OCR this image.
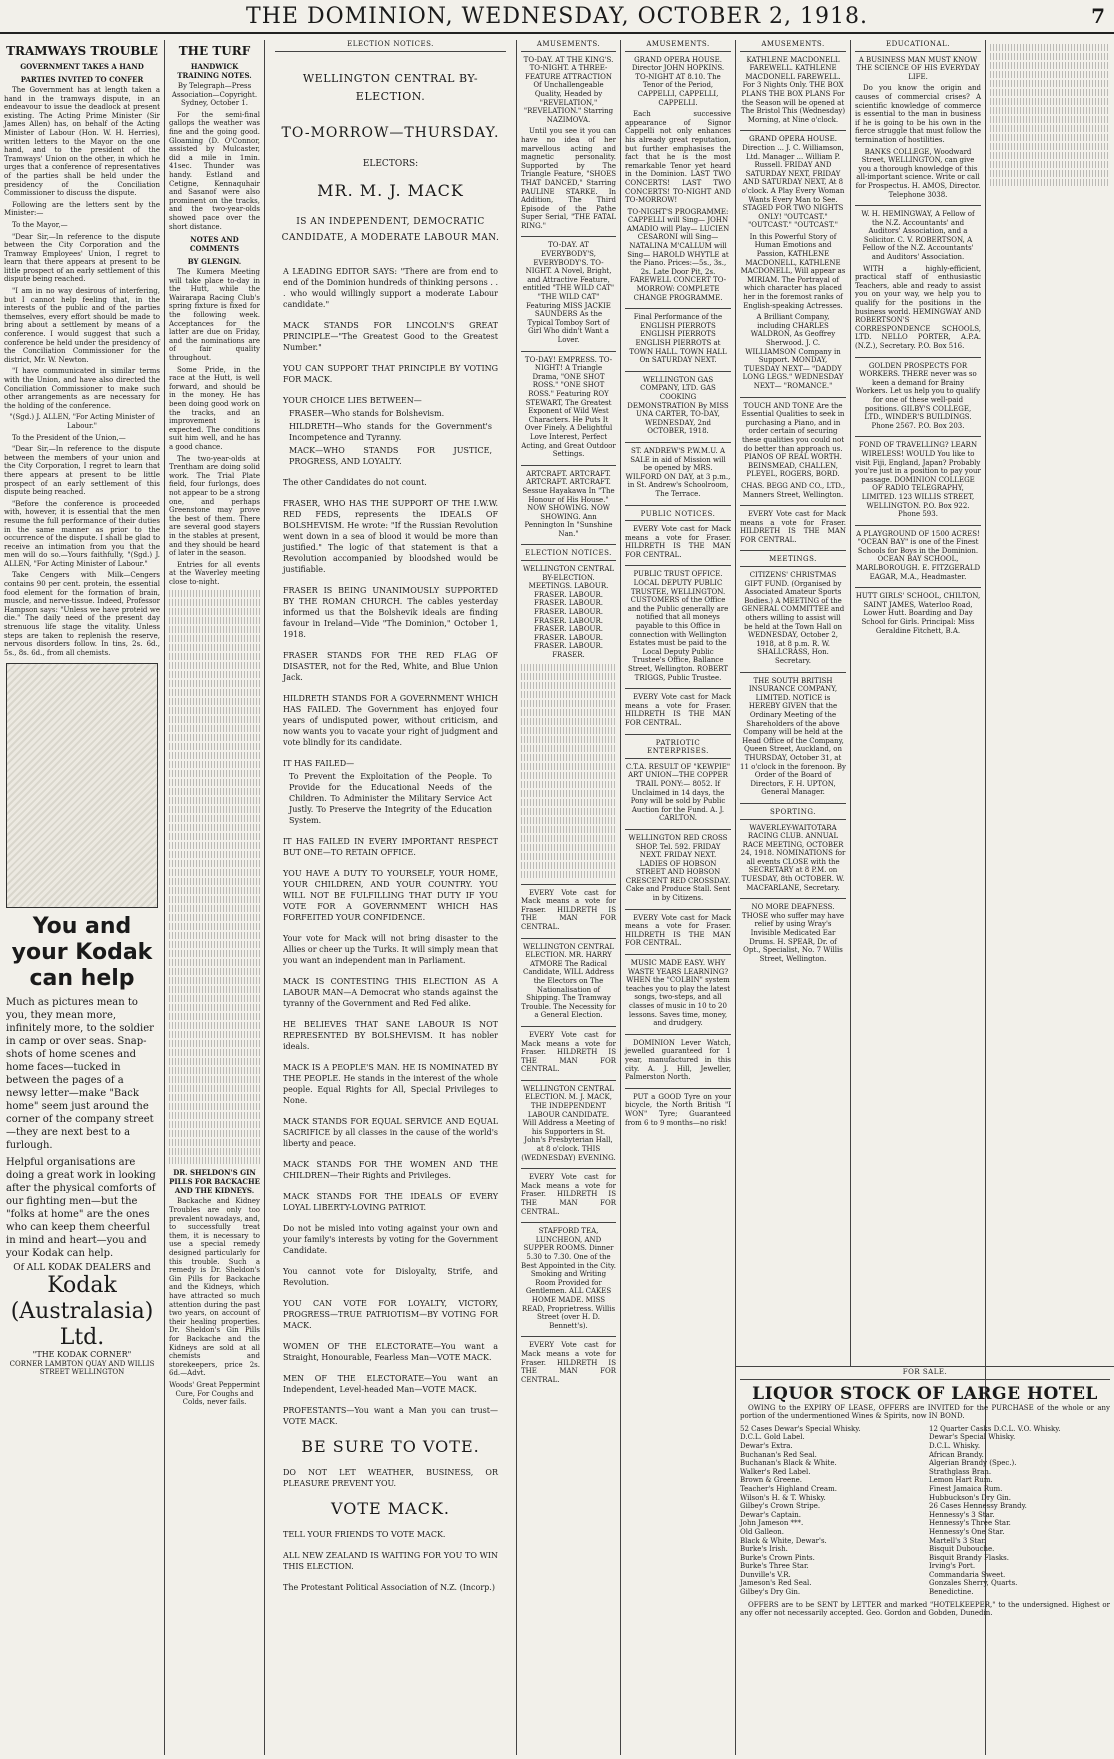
THE DOMINION, WEDNESDAY, OCTOBER 2, 1918.	7
TRAMWAYS TROUBLE
GOVERNMENT TAKES A HAND
PARTIES INVITED TO CONFER

The Government has at length taken a hand in the tramways dispute, in an endeavour to issue the deadlock at present existing. The Acting Prime Minister (Sir James Allen) has, on behalf of the Acting Minister of Labour (Hon. W. H. Herries), written letters to the Mayor on the one hand, and to the president of the Tramways' Union on the other, in which he urges that a conference of representatives of the parties shall be held under the presidency of the Conciliation Commissioner to discuss the dispute.

Following are the letters sent by the Minister:—

To the Mayor,—

"Dear Sir,—In reference to the dispute between the City Corporation and the Tramway Employees' Union, I regret to learn that there appears at present to be little prospect of an early settlement of this dispute being reached.

"I am in no way desirous of interfering, but I cannot help feeling that, in the interests of the public and of the parties themselves, every effort should be made to bring about a settlement by means of a conference. I would suggest that such a conference be held under the presidency of the Conciliation Commissioner for the district, Mr. W. Newton.

"I have communicated in similar terms with the Union, and have also directed the Conciliation Commissioner to make such other arrangements as are necessary for the holding of the conference.

"(Sgd.) J. ALLEN, "For Acting Minister of Labour."

To the President of the Union,—

"Dear Sir,—In reference to the dispute between the members of your union and the City Corporation, I regret to learn that there appears at present to be little prospect of an early settlement of this dispute being reached.

"Before the conference is proceeded with, however, it is essential that the men resume the full performance of their duties in the same manner as prior to the occurrence of the dispute. I shall be glad to receive an intimation from you that the men will do so.—Yours faithfully, "(Sgd.) J. ALLEN, "For Acting Minister of Labour."

Take Cengers with Milk—Cengers contains 90 per cent. protein, the essential food element for the formation of brain, muscle, and nerve-tissue. Indeed, Professor Hampson says: "Unless we have proteid we die." The daily need of the present day strenuous life stage the vitality. Unless steps are taken to replenish the reserve, nervous disorders follow. In tins, 2s. 6d., 5s., 8s. 6d., from all chemists.

You and your Kodak can help
Much as pictures mean to you, they mean more, infinitely more, to the soldier in camp or over seas. Snap-shots of home scenes and home faces—tucked in between the pages of a newsy letter—make "Back home" seem just around the corner of the company street—they are next best to a furlough.
Helpful organisations are doing a great work in looking after the physical comforts of our fighting men—but the "folks at home" are the ones who can keep them cheerful in mind and heart—you and your Kodak can help.
Of ALL KODAK DEALERS and
Kodak (Australasia) Ltd.
"THE KODAK CORNER"
CORNER LAMBTON QUAY AND WILLIS STREET WELLINGTON
THE TURF
HANDWICK TRAINING NOTES.

By Telegraph—Press Association—Copyright. Sydney, October 1.

For the semi-final gallops the weather was fine and the going good. Gloaming (D. O'Connor, assisted by Mulcaster, did a mile in 1min. 41sec. Thunder was handy. Estland and Cetigne, Kennaquhair and Sasanof were also prominent on the tracks, and the two-year-olds showed pace over the short distance.

NOTES AND COMMENTS
BY GLENGIN.

The Kumera Meeting will take place to-day in the Hutt, while the Wairarapa Racing Club's spring fixture is fixed for the following week. Acceptances for the latter are due on Friday, and the nominations are of fair quality throughout.

Some Pride, in the race at the Hutt, is well forward, and should be in the money. He has been doing good work on the tracks, and an improvement is expected. The conditions suit him well, and he has a good chance.

The two-year-olds at Trentham are doing solid work. The Trial Plate field, four furlongs, does not appear to be a strong one, and perhaps Greenstone may prove the best of them. There are several good stayers in the stables at present, and they should be heard of later in the season.

Entries for all events at the Waverley meeting close to-night.

DR. SHELDON'S GIN PILLS FOR BACKACHE AND THE KIDNEYS.

Backache and Kidney Troubles are only too prevalent nowadays, and, to successfully treat them, it is necessary to use a special remedy designed particularly for this trouble. Such a remedy is Dr. Sheldon's Gin Pills for Backache and the Kidneys, which have attracted so much attention during the past two years, on account of their healing properties. Dr. Sheldon's Gin Pills for Backache and the Kidneys are sold at all chemists and storekeepers, price 2s. 6d.—Advt.

Woods' Great Peppermint Cure, For Coughs and Colds, never fails.

ELECTION NOTICES.
WELLINGTON CENTRAL BY-ELECTION.
TO-MORROW—THURSDAY.
ELECTORS:
MR. M. J. MACK
IS AN INDEPENDENT, DEMOCRATIC CANDIDATE, A MODERATE LABOUR MAN.
A LEADING EDITOR SAYS: "There are from end to end of the Dominion hundreds of thinking persons . . . who would willingly support a moderate Labour candidate."
MACK STANDS FOR LINCOLN'S GREAT PRINCIPLE—"The Greatest Good to the Greatest Number."
YOU CAN SUPPORT THAT PRINCIPLE BY VOTING FOR MACK.
YOUR CHOICE LIES BETWEEN—
FRASER—Who stands for Bolshevism.
HILDRETH—Who stands for the Government's Incompetence and Tyranny.
MACK—WHO STANDS FOR JUSTICE, PROGRESS, AND LOYALTY.
The other Candidates do not count.
FRASER, WHO HAS THE SUPPORT OF THE I.W.W. RED FEDS, represents the IDEALS OF BOLSHEVISM. He wrote: "If the Russian Revolution went down in a sea of blood it would be more than justified." The logic of that statement is that a Revolution accompanied by bloodshed would be justifiable.
FRASER IS BEING UNANIMOUSLY SUPPORTED BY THE ROMAN CHURCH. The cables yesterday informed us that the Bolshevik ideals are finding favour in Ireland—Vide "The Dominion," October 1, 1918.
FRASER STANDS FOR THE RED FLAG OF DISASTER, not for the Red, White, and Blue Union Jack.
HILDRETH STANDS FOR A GOVERNMENT WHICH HAS FAILED. The Government has enjoyed four years of undisputed power, without criticism, and now wants you to vacate your right of judgment and vote blindly for its candidate.
IT HAS FAILED—
To Prevent the Exploitation of the People. To Provide for the Educational Needs of the Children. To Administer the Military Service Act Justly. To Preserve the Integrity of the Education System.
IT HAS FAILED IN EVERY IMPORTANT RESPECT BUT ONE—TO RETAIN OFFICE.
YOU HAVE A DUTY TO YOURSELF, YOUR HOME, YOUR CHILDREN, AND YOUR COUNTRY. YOU WILL NOT BE FULFILLING THAT DUTY IF YOU VOTE FOR A GOVERNMENT WHICH HAS FORFEITED YOUR CONFIDENCE.
Your vote for Mack will not bring disaster to the Allies or cheer up the Turks. It will simply mean that you want an independent man in Parliament.
MACK IS CONTESTING THIS ELECTION AS A LABOUR MAN—A Democrat who stands against the tyranny of the Government and Red Fed alike.
HE BELIEVES THAT SANE LABOUR IS NOT REPRESENTED BY BOLSHEVISM. It has nobler ideals.
MACK IS A PEOPLE'S MAN. HE IS NOMINATED BY THE PEOPLE. He stands in the interest of the whole people. Equal Rights for All, Special Privileges to None.
MACK STANDS FOR EQUAL SERVICE AND EQUAL SACRIFICE by all classes in the cause of the world's liberty and peace.
MACK STANDS FOR THE WOMEN AND THE CHILDREN—Their Rights and Privileges.
MACK STANDS FOR THE IDEALS OF EVERY LOYAL LIBERTY-LOVING PATRIOT.
Do not be misled into voting against your own and your family's interests by voting for the Government Candidate.
You cannot vote for Disloyalty, Strife, and Revolution.
YOU CAN VOTE FOR LOYALTY, VICTORY, PROGRESS—TRUE PATRIOTISM—BY VOTING FOR MACK.
WOMEN OF THE ELECTORATE—You want a Straight, Honourable, Fearless Man—VOTE MACK.
MEN OF THE ELECTORATE—You want an Independent, Level-headed Man—VOTE MACK.
PROFESTANTS—You want a Man you can trust—VOTE MACK.
BE SURE TO VOTE.
DO NOT LET WEATHER, BUSINESS, OR PLEASURE PREVENT YOU.
VOTE MACK.
TELL YOUR FRIENDS TO VOTE MACK.
ALL NEW ZEALAND IS WAITING FOR YOU TO WIN THIS ELECTION.
The Protestant Political Association of N.Z. (Incorp.)
AMUSEMENTS.

TO-DAY. AT THE KING'S. TO-NIGHT. A THREE-FEATURE ATTRACTION Of Unchallengeable Quality, Headed by "REVELATION," "REVELATION." Starring NAZIMOVA.

Until you see it you can have no idea of her marvellous acting and magnetic personality. Supported by The Triangle Feature, "SHOES THAT DANCED," Starring PAULINE STARKE. In Addition, The Third Episode of the Pathe Super Serial, "THE FATAL RING."

TO-DAY. AT EVERYBODY'S, EVERYBODY'S. TO-NIGHT. A Novel, Bright, and Attractive Feature, entitled "THE WILD CAT" "THE WILD CAT" Featuring MISS JACKIE SAUNDERS As the Typical Tomboy Sort of Girl Who didn't Want a Lover.

TO-DAY! EMPRESS. TO-NIGHT! A Triangle Drama, "ONE SHOT ROSS." "ONE SHOT ROSS." Featuring ROY STEWART, The Greatest Exponent of Wild West Characters. He Puts It Over Finely. A Delightful Love Interest, Perfect Acting, and Great Outdoor Settings.

ARTCRAFT. ARTCRAFT. ARTCRAFT. ARTCRAFT. Sessue Hayakawa In "The Honour of His House." NOW SHOWING. NOW SHOWING. Ann Pennington In "Sunshine Nan."

ELECTION NOTICES.

WELLINGTON CENTRAL BY-ELECTION. MEETINGS. LABOUR. FRASER. LABOUR. FRASER. LABOUR. FRASER. LABOUR. FRASER. LABOUR. FRASER. LABOUR. FRASER. LABOUR. FRASER. LABOUR. FRASER.

EVERY Vote cast for Mack means a vote for Fraser. HILDRETH IS THE MAN FOR CENTRAL.

WELLINGTON CENTRAL ELECTION. MR. HARRY ATMORE The Radical Candidate, WILL Address the Electors on The Nationalisation of Shipping. The Tramway Trouble. The Necessity for a General Election.

EVERY Vote cast for Mack means a vote for Fraser. HILDRETH IS THE MAN FOR CENTRAL.

WELLINGTON CENTRAL ELECTION. M. J. MACK, THE INDEPENDENT LABOUR CANDIDATE. Will Address a Meeting of his Supporters in St. John's Presbyterian Hall, at 8 o'clock. THIS (WEDNESDAY) EVENING.

EVERY Vote cast for Mack means a vote for Fraser. HILDRETH IS THE MAN FOR CENTRAL.

STAFFORD TEA, LUNCHEON, AND SUPPER ROOMS. Dinner 5.30 to 7.30. One of the Best Appointed in the City. Smoking and Writing Room Provided for Gentlemen. ALL CAKES HOME MADE. MISS READ, Proprietress. Willis Street (over H. D. Bennett's).

EVERY Vote cast for Mack means a vote for Fraser. HILDRETH IS THE MAN FOR CENTRAL.

AMUSEMENTS.

GRAND OPERA HOUSE. Director JOHN HOPKINS. TO-NIGHT AT 8.10. The Tenor of the Period, CAPPELLI, CAPPELLI, CAPPELLI.

Each successive appearance of Signor Cappelli not only enhances his already great reputation, but further emphasises the fact that he is the most remarkable Tenor yet heard in the Dominion. LAST TWO CONCERTS! LAST TWO CONCERTS! TO-NIGHT AND TO-MORROW!

TO-NIGHT'S PROGRAMME: CAPPELLI will Sing— JOHN AMADIO will Play— LUCIEN CESARONI will Sing— NATALINA M'CALLUM will Sing— HAROLD WHYTLE at the Piano. Prices:—5s., 3s., 2s. Late Door Pit, 2s. FAREWELL CONCERT TO-MORROW: COMPLETE CHANGE PROGRAMME.

Final Performance of the ENGLISH PIERROTS ENGLISH PIERROTS ENGLISH PIERROTS at TOWN HALL. TOWN HALL On SATURDAY NEXT.

WELLINGTON GAS COMPANY, LTD. GAS COOKING DEMONSTRATION By MISS UNA CARTER, TO-DAY, WEDNESDAY, 2nd OCTOBER, 1918.

ST. ANDREW'S P.W.M.U. A SALE in aid of Mission will be opened by MRS. WILFORD ON DAY, at 3 p.m., in St. Andrew's Schoolroom, The Terrace.

PUBLIC NOTICES.

EVERY Vote cast for Mack means a vote for Fraser. HILDRETH IS THE MAN FOR CENTRAL.

PUBLIC TRUST OFFICE. LOCAL DEPUTY PUBLIC TRUSTEE, WELLINGTON. CUSTOMERS of the Office and the Public generally are notified that all moneys payable to this Office in connection with Wellington Estates must be paid to the Local Deputy Public Trustee's Office, Ballance Street, Wellington. ROBERT TRIGGS, Public Trustee.

EVERY Vote cast for Mack means a vote for Fraser. HILDRETH IS THE MAN FOR CENTRAL.

PATRIOTIC ENTERPRISES.

C.T.A. RESULT OF "KEWPIE" ART UNION—THE COPPER TRAIL PONY:— 8052. If Unclaimed in 14 days, the Pony will be sold by Public Auction for the Fund. A. J. CARLTON.

WELLINGTON RED CROSS SHOP. Tel. 592. FRIDAY NEXT. FRIDAY NEXT. LADIES OF HOBSON STREET AND HOBSON CRESCENT RED CROSSDAY. Cake and Produce Stall. Sent in by Citizens.

EVERY Vote cast for Mack means a vote for Fraser. HILDRETH IS THE MAN FOR CENTRAL.

MUSIC MADE EASY. WHY WASTE YEARS LEARNING? WHEN the "COLBIN" system teaches you to play the latest songs, two-steps, and all classes of music in 10 to 20 lessons. Saves time, money, and drudgery.

DOMINION Lever Watch, jewelled guaranteed for 1 year, manufactured in this city. A. J. Hill, Jeweller, Palmerston North.

PUT a GOOD Tyre on your bicycle, the North British "I WON" Tyre; Guaranteed from 6 to 9 months—no risk!

AMUSEMENTS.

KATHLENE MACDONELL FAREWELL. KATHLENE MACDONELL FAREWELL. For 3 Nights Only. THE BOX PLANS THE BOX PLANS For the Season will be opened at The Bristol This (Wednesday) Morning, at Nine o'clock.

GRAND OPERA HOUSE. Direction ... J. C. Williamson, Ltd. Manager ... William P. Russell. FRIDAY AND SATURDAY NEXT, FRIDAY AND SATURDAY NEXT, At 8 o'clock. A Play Every Woman Wants Every Man to See. STAGED FOR TWO NIGHTS ONLY! "OUTCAST." "OUTCAST." "OUTCAST."

In this Powerful Story of Human Emotions and Passion, KATHLENE MACDONELL, KATHLENE MACDONELL, Will appear as MIRIAM. The Portrayal of which character has placed her in the foremost ranks of English-speaking Actresses.

A Brilliant Company, including CHARLES WALDRON, As Geoffrey Sherwood. J. C. WILLIAMSON Company in Support. MONDAY, TUESDAY NEXT— "DADDY LONG LEGS." WEDNESDAY NEXT— "ROMANCE."

TOUCH AND TONE Are the Essential Qualities to seek in purchasing a Piano, and in order certain of securing these qualities you could not do better than approach us. PIANOS OF REAL WORTH. BEINSMEAD, CHALLEN, PLEYEL, ROGERS, BORD.

CHAS. BEGG AND CO., LTD., Manners Street, Wellington.

EVERY Vote cast for Mack means a vote for Fraser. HILDRETH IS THE MAN FOR CENTRAL.

MEETINGS.

CITIZENS' CHRISTMAS GIFT FUND. (Organised by Associated Amateur Sports Bodies.) A MEETING of the GENERAL COMMITTEE and others willing to assist will be held at the Town Hall on WEDNESDAY, October 2, 1918, at 8 p.m. R. W. SHALLCRASS, Hon. Secretary.

THE SOUTH BRITISH INSURANCE COMPANY, LIMITED. NOTICE is HEREBY GIVEN that the Ordinary Meeting of the Shareholders of the above Company will be held at the Head Office of the Company, Queen Street, Auckland, on THURSDAY, October 31, at 11 o'clock in the forenoon. By Order of the Board of Directors, F. H. UPTON, General Manager.

SPORTING.

WAVERLEY-WAITOTARA RACING CLUB. ANNUAL RACE MEETING, OCTOBER 24, 1918. NOMINATIONS for all events CLOSE with the SECRETARY at 8 P.M. on TUESDAY, 8th OCTOBER. W. MACFARLANE, Secretary.

NO MORE DEAFNESS. THOSE who suffer may have relief by using Wray's Invisible Medicated Ear Drums. H. SPEAR, Dr. of Opt., Specialist, No. 7 Willis Street, Wellington.

EDUCATIONAL.

A BUSINESS MAN MUST KNOW THE SCIENCE OF HIS EVERYDAY LIFE.

Do you know the origin and causes of commercial crises? A scientific knowledge of commerce is essential to the man in business if he is going to be his own in the fierce struggle that must follow the termination of hostilities.

BANKS COLLEGE, Woodward Street, WELLINGTON, can give you a thorough knowledge of this all-important science. Write or call for Prospectus. H. AMOS, Director. Telephone 3038.

W. H. HEMINGWAY, A Fellow of the N.Z. Accountants' and Auditors' Association, and a Solicitor. C. V. ROBERTSON, A Fellow of the N.Z. Accountants' and Auditors' Association.

WITH a highly-efficient, practical staff of enthusiastic Teachers, able and ready to assist you on your way, we help you to qualify for the positions in the business world. HEMINGWAY AND ROBERTSON'S CORRESPONDENCE SCHOOLS, LTD. NELLO PORTER, A.P.A. (N.Z.), Secretary. P.O. Box 516.

GOLDEN PROSPECTS FOR WORKERS. THERE never was so keen a demand for Brainy Workers. Let us help you to qualify for one of these well-paid positions. GILBY'S COLLEGE, LTD., WINDER'S BUILDINGS. Phone 2567. P.O. Box 203.

FOND OF TRAVELLING? LEARN WIRELESS! WOULD You like to visit Fiji, England, Japan? Probably you're just in a position to pay your passage. DOMINION COLLEGE OF RADIO TELEGRAPHY, LIMITED. 123 WILLIS STREET, WELLINGTON. P.O. Box 922. Phone 593.

A PLAYGROUND OF 1500 ACRES! "OCEAN BAY" is one of the Finest Schools for Boys in the Dominion. OCEAN BAY SCHOOL, MARLBOROUGH. E. FITZGERALD EAGAR, M.A., Headmaster.

HUTT GIRLS' SCHOOL, CHILTON, SAINT JAMES, Waterloo Road, Lower Hutt. Boarding and Day School for Girls. Principal: Miss Geraldine Fitchett, B.A.

FOR SALE.
LIQUOR STOCK OF LARGE HOTEL

OWING to the EXPIRY OF LEASE, OFFERS are INVITED for the PURCHASE of the whole or any portion of the undermentioned Wines & Spirits, now IN BOND.

52 Cases Dewar's Special Whisky.
D.C.L. Gold Label.
Dewar's Extra.
Buchanan's Red Seal.
Buchanan's Black & White.
Walker's Red Label.
Brown & Greene.
Teacher's Highland Cream.
Wilson's H. & T. Whisky.
Gilbey's Crown Stripe.
Dewar's Captain.
John Jameson ***.
Old Galleon.
Black & White, Dewar's.
Burke's Irish.
Burke's Crown Pints.
Burke's Three Star.
Dunville's V.R.
Jameson's Red Seal.
Gilbey's Dry Gin.
12 Quarter Casks D.C.L. V.O. Whisky.
Dewar's Special Whisky.
D.C.L. Whisky.
African Brandy.
Algerian Brandy (Spec.).
Strathglass Bran.
Lemon Hart Rum.
Finest Jamaica Rum.
Hubbuckson's Dry Gin.
26 Cases Hennessy Brandy.
Hennessy's 3 Star.
Hennessy's Three Star.
Hennessy's One Star.
Martell's 3 Star.
Bisquit Dubouche.
Bisquit Brandy Flasks.
Irving's Port.
Commandaria Sweet.
Gonzales Sherry, Quarts.
Benedictine.

OFFERS are to be SENT by LETTER and marked "HOTELKEEPER," to the undersigned. Highest or any offer not necessarily accepted. Geo. Gordon and Gobden, Dunedin.
